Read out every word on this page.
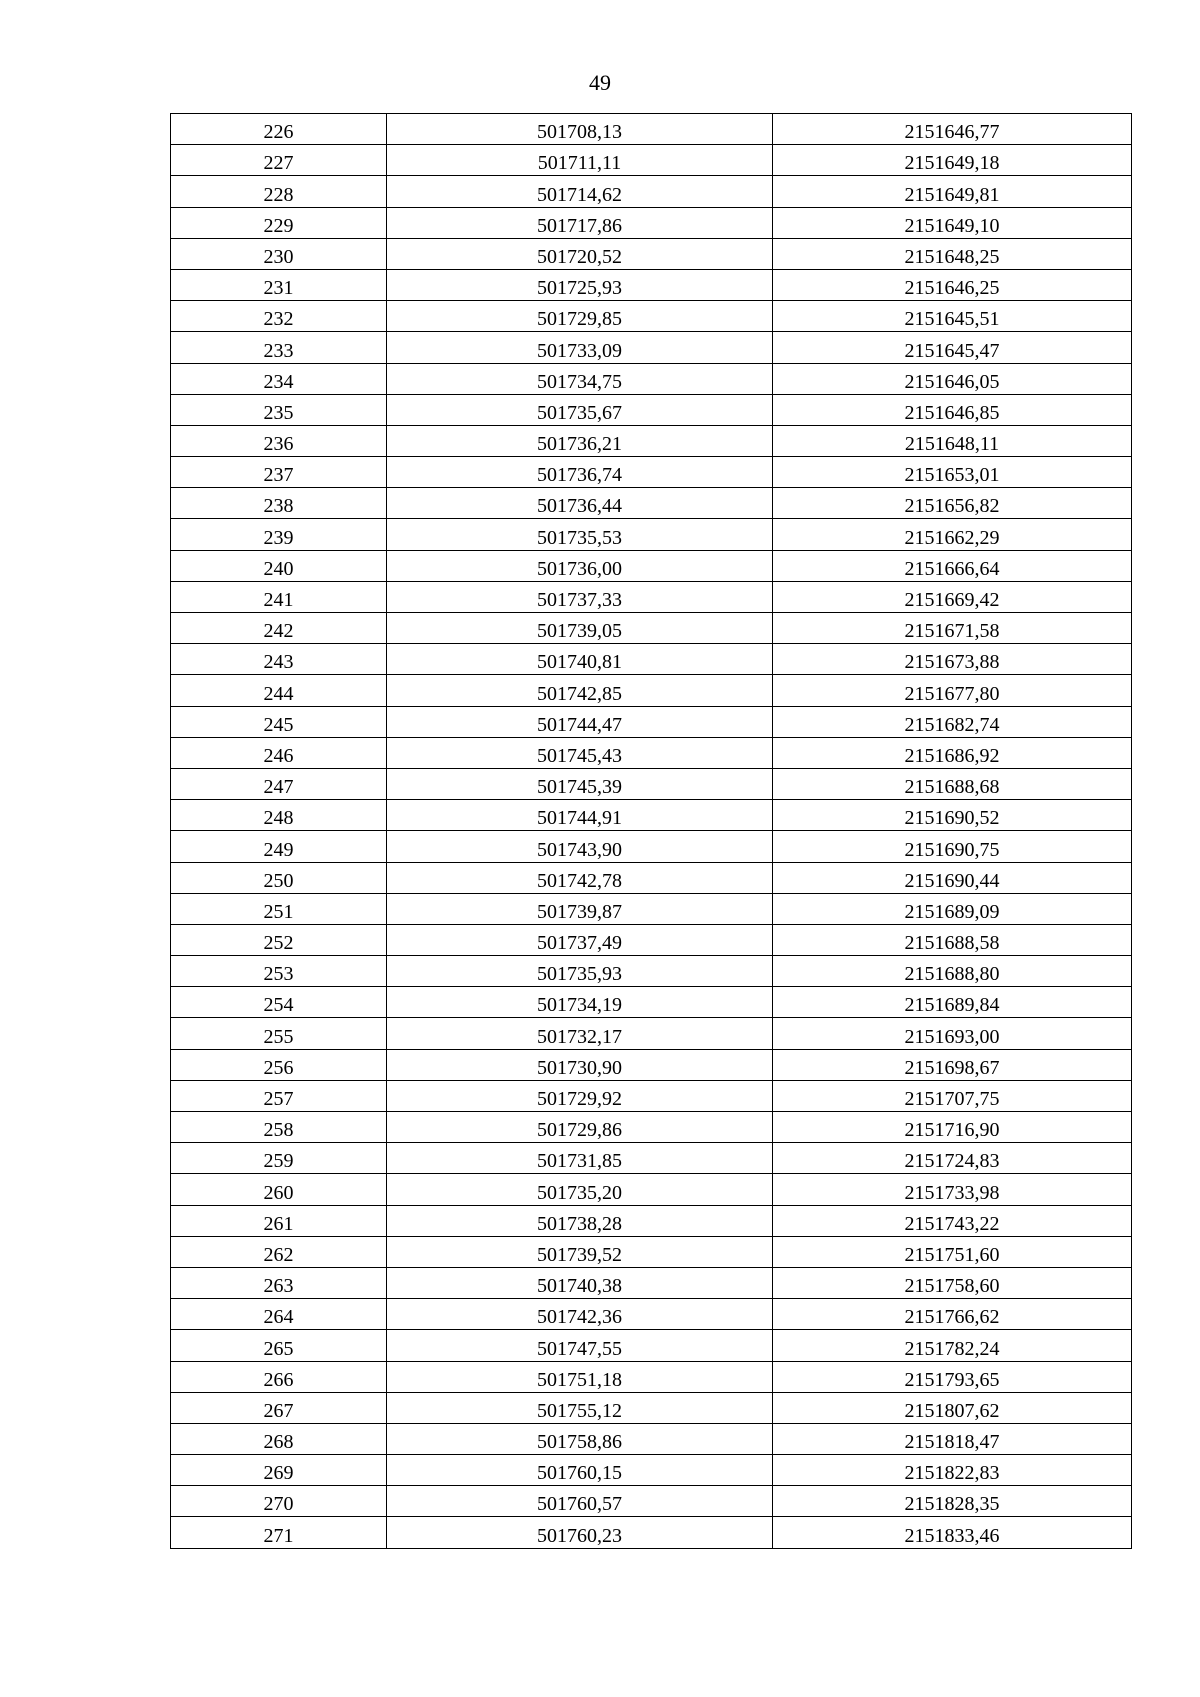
49
226	501708,13	2151646,77
227	501711,11	2151649,18
228	501714,62	2151649,81
229	501717,86	2151649,10
230	501720,52	2151648,25
231	501725,93	2151646,25
232	501729,85	2151645,51
233	501733,09	2151645,47
234	501734,75	2151646,05
235	501735,67	2151646,85
236	501736,21	2151648,11
237	501736,74	2151653,01
238	501736,44	2151656,82
239	501735,53	2151662,29
240	501736,00	2151666,64
241	501737,33	2151669,42
242	501739,05	2151671,58
243	501740,81	2151673,88
244	501742,85	2151677,80
245	501744,47	2151682,74
246	501745,43	2151686,92
247	501745,39	2151688,68
248	501744,91	2151690,52
249	501743,90	2151690,75
250	501742,78	2151690,44
251	501739,87	2151689,09
252	501737,49	2151688,58
253	501735,93	2151688,80
254	501734,19	2151689,84
255	501732,17	2151693,00
256	501730,90	2151698,67
257	501729,92	2151707,75
258	501729,86	2151716,90
259	501731,85	2151724,83
260	501735,20	2151733,98
261	501738,28	2151743,22
262	501739,52	2151751,60
263	501740,38	2151758,60
264	501742,36	2151766,62
265	501747,55	2151782,24
266	501751,18	2151793,65
267	501755,12	2151807,62
268	501758,86	2151818,47
269	501760,15	2151822,83
270	501760,57	2151828,35
271	501760,23	2151833,46
